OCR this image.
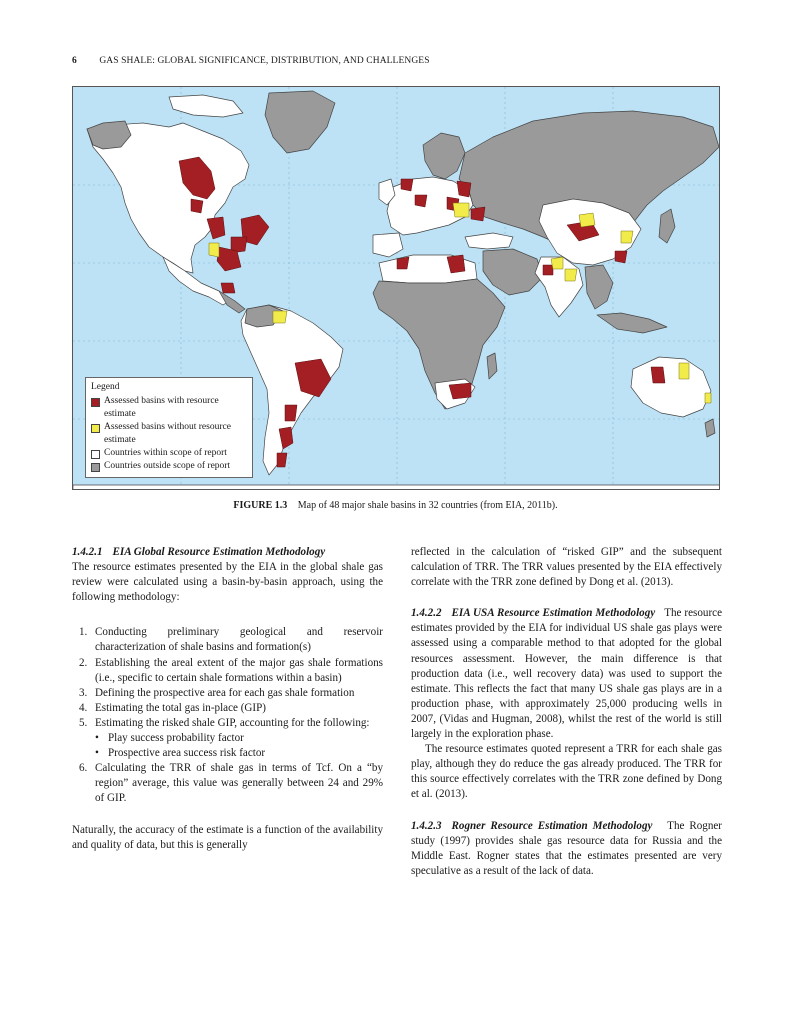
6 GAS SHALE: GLOBAL SIGNIFICANCE, DISTRIBUTION, AND CHALLENGES
Legend
Assessed basins with resource estimate
Assessed basins without resource estimate
Countries within scope of report
Countries outside scope of report
FIGURE 1.3 Map of 48 major shale basins in 32 countries (from EIA, 2011b).

1.4.2.1 EIA Global Resource Estimation Methodology
The resource estimates presented by the EIA in the global shale gas review were calculated using a basin-by-basin approach, using the following methodology:

1. Conducting preliminary geological and reservoir characterization of shale basins and formation(s)
2. Establishing the areal extent of the major gas shale formations (i.e., specific to certain shale formations within a basin)
3. Defining the prospective area for each gas shale formation
4. Estimating the total gas in-place (GIP)
5. Estimating the risked shale GIP, accounting for the following:
• Play success probability factor
• Prospective area success risk factor
6. Calculating the TRR of shale gas in terms of Tcf. On a “by region” average, this value was generally between 24 and 29% of GIP.

Naturally, the accuracy of the estimate is a function of the availability and quality of data, but this is generally

reflected in the calculation of “risked GIP” and the subsequent calculation of TRR. The TRR values presented by the EIA effectively correlate with the TRR zone defined by Dong et al. (2013).

1.4.2.2 EIA USA Resource Estimation Methodology The resource estimates provided by the EIA for individual US shale gas plays were assessed using a comparable method to that adopted for the global resources assessment. However, the main difference is that production data (i.e., well recovery data) was used to support the estimate. This reflects the fact that many US shale gas plays are in a production phase, with approximately 25,000 producing wells in 2007, (Vidas and Hugman, 2008), whilst the rest of the world is still largely in the exploration phase.

The resource estimates quoted represent a TRR for each shale gas play, although they do reduce the gas already produced. The TRR for this source effectively correlates with the TRR zone defined by Dong et al. (2013).

1.4.2.3 Rogner Resource Estimation Methodology The Rogner study (1997) provides shale gas resource data for Russia and the Middle East. Rogner states that the estimates presented are very speculative as a result of the lack of data.
